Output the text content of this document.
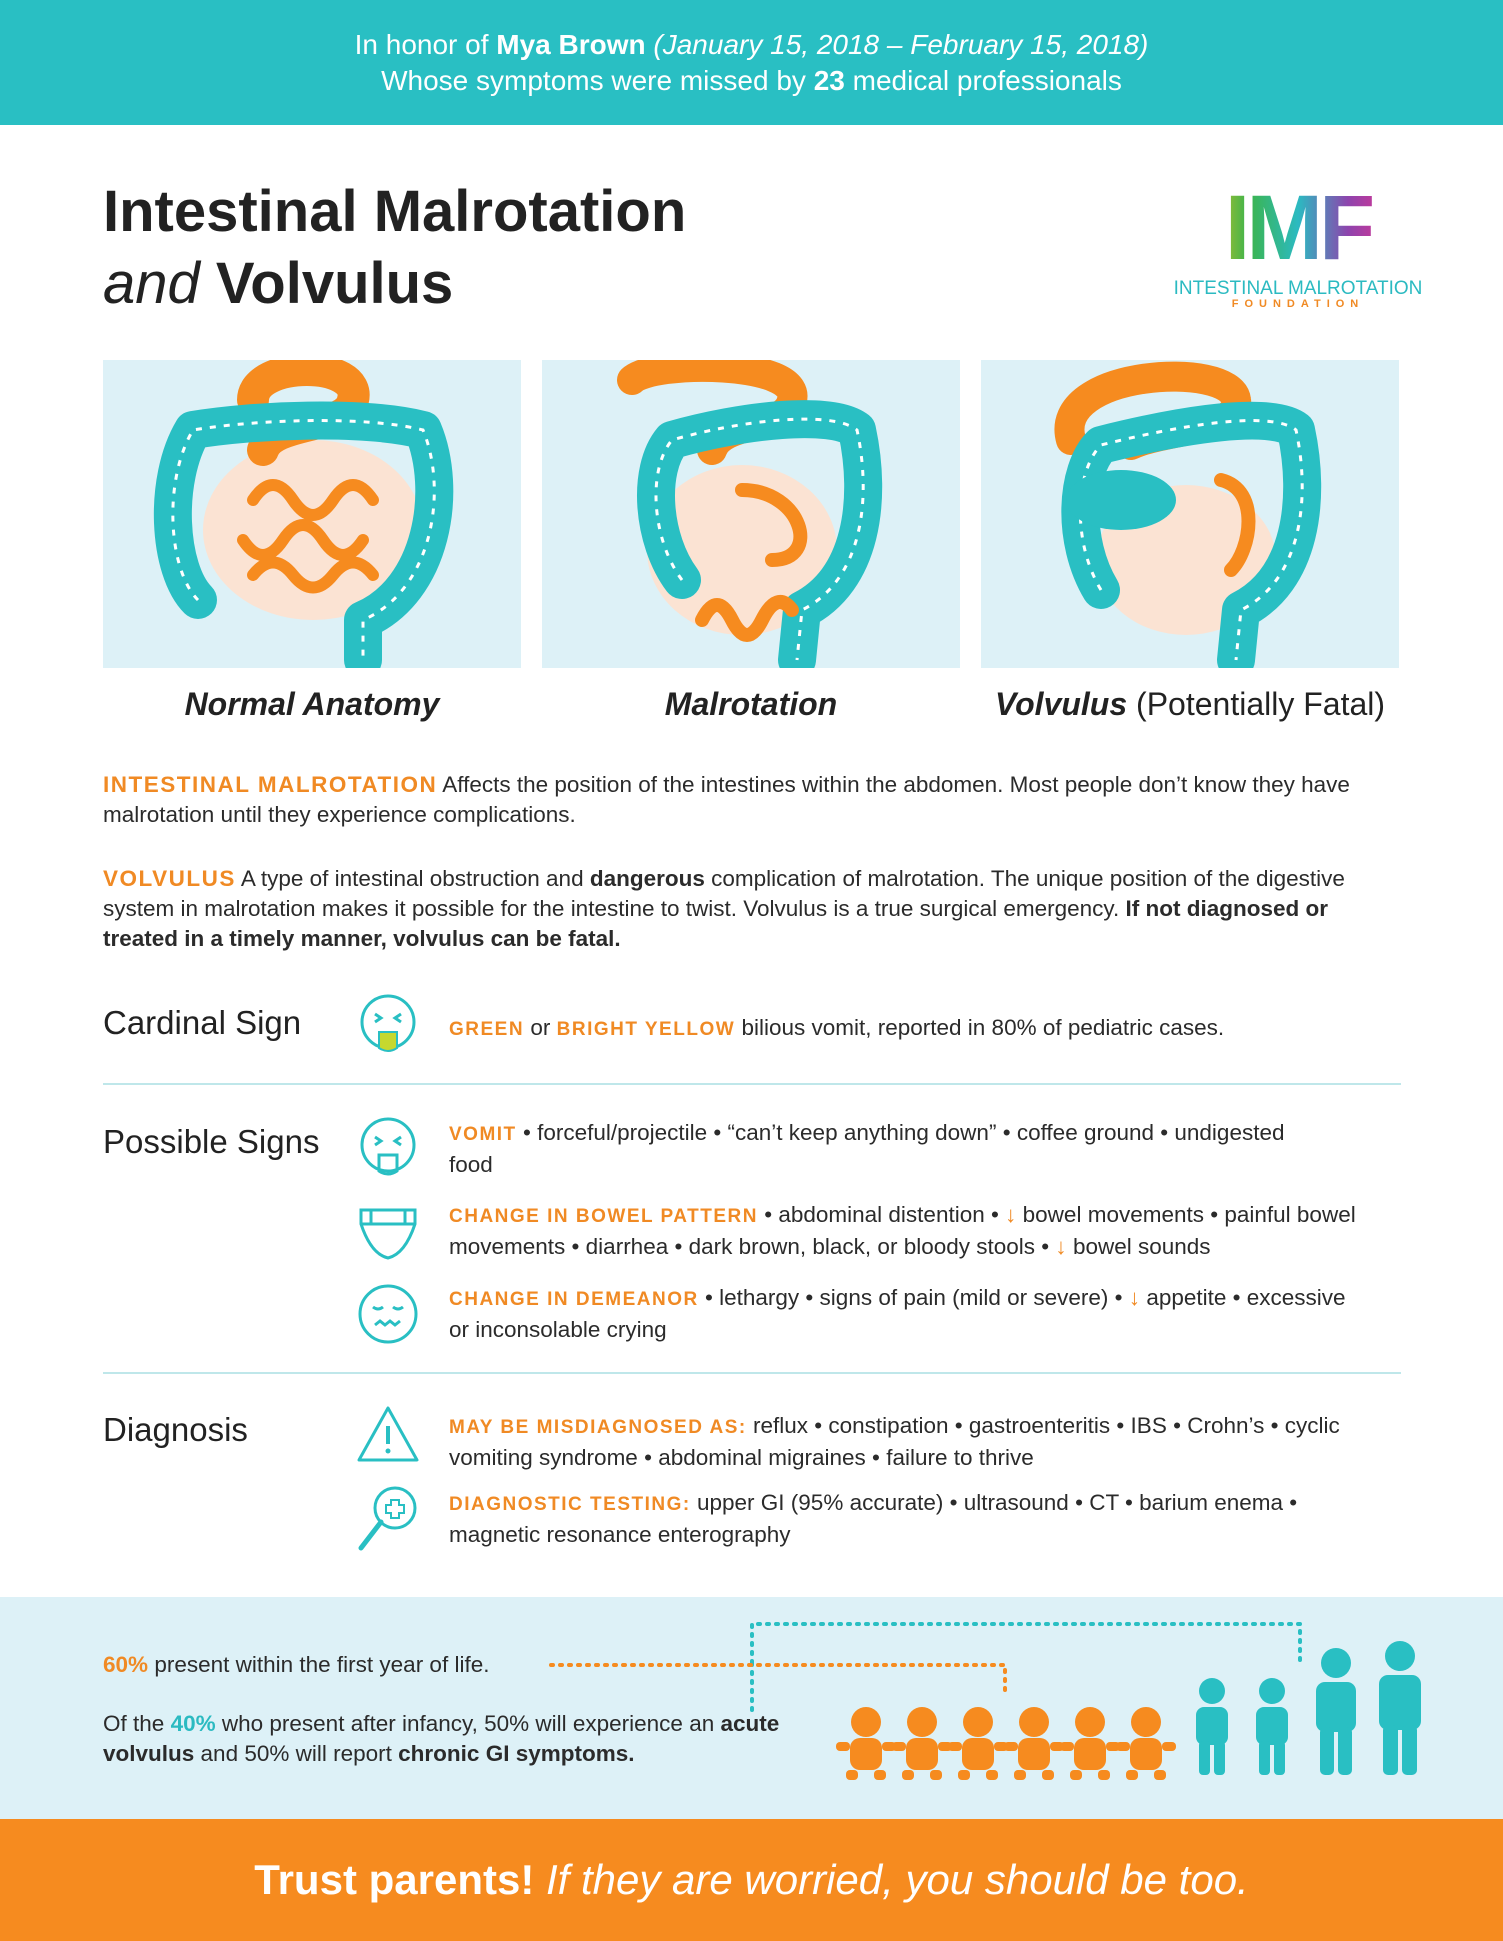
In honor of Mya Brown (January 15, 2018 – February 15, 2018)
Whose symptoms were missed by 23 medical professionals
Intestinal Malrotation
and Volvulus
IMF
INTESTINAL MALROTATION
FOUNDATION
Normal Anatomy	Malrotation	Volvulus (Potentially Fatal)
INTESTINAL MALROTATION Affects the position of the intestines within the abdomen. Most people don’t know they have malrotation until they experience complications.
VOLVULUS A type of intestinal obstruction and dangerous complication of malrotation. The unique position of the digestive system in malrotation makes it possible for the intestine to twist. Volvulus is a true surgical emergency. If not diagnosed or treated in a timely manner, volvulus can be fatal.
Cardinal Sign	GREEN or BRIGHT YELLOW bilious vomit, reported in 80% of pediatric cases.
Possible Signs	VOMIT • forceful/projectile • “can’t keep anything down” • coffee ground • undigested food
CHANGE IN BOWEL PATTERN • abdominal distention • ↓ bowel movements • painful bowel movements • diarrhea • dark brown, black, or bloody stools • ↓ bowel sounds
CHANGE IN DEMEANOR • lethargy • signs of pain (mild or severe) • ↓ appetite • excessive or inconsolable crying
Diagnosis	MAY BE MISDIAGNOSED AS: reflux • constipation • gastroenteritis • IBS • Crohn’s • cyclic vomiting syndrome • abdominal migraines • failure to thrive
DIAGNOSTIC TESTING: upper GI (95% accurate) • ultrasound • CT • barium enema • magnetic resonance enterography
60% present within the first year of life.
Of the 40% who present after infancy, 50% will experience an acute volvulus and 50% will report chronic GI symptoms.
Trust parents! If they are worried, you should be too.
